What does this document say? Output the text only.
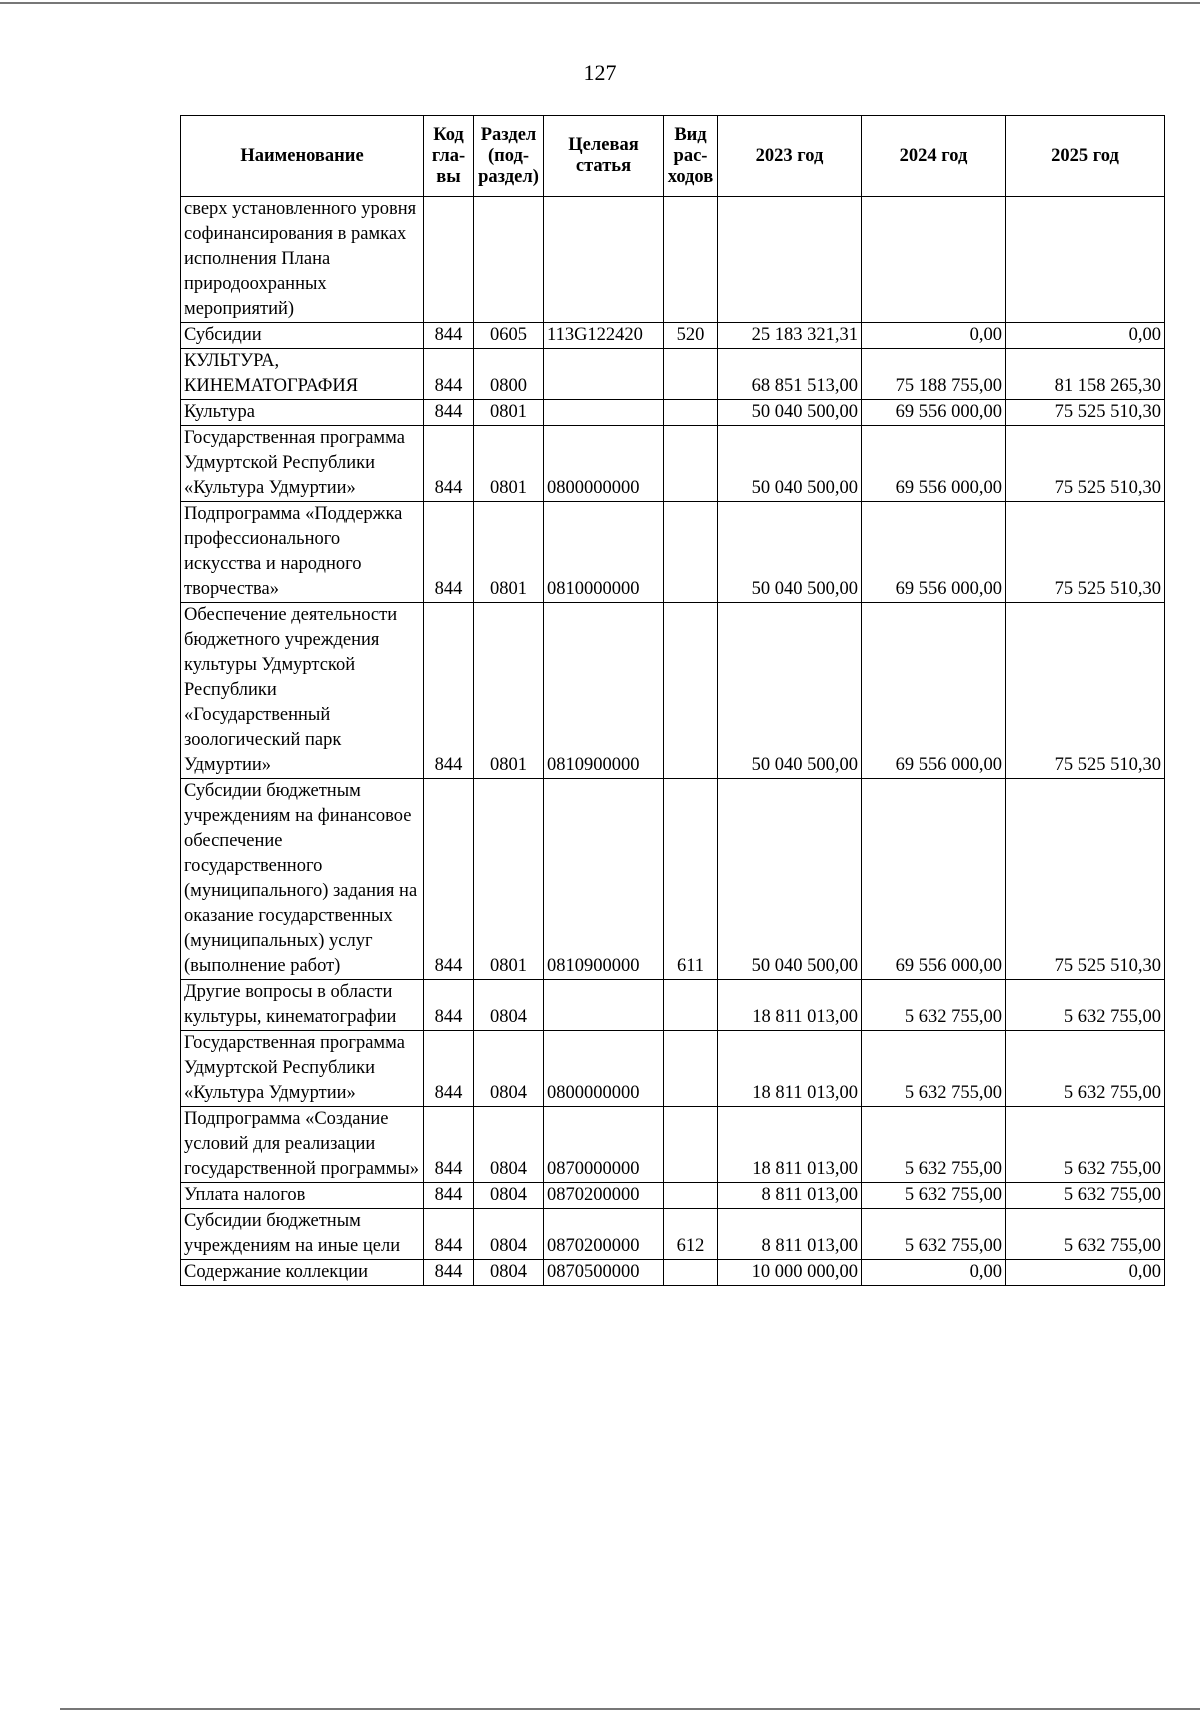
127
Наименование	Код гла- вы	Раздел (под- раздел)	Целевая статья	Вид рас- ходов	2023 год	2024 год	2025 год
сверх установленного уровня софинансирования в рамках исполнения Плана природоохранных мероприятий)							
Субсидии	844	0605	113G122420	520	25 183 321,31	0,00	0,00
КУЛЬТУРА, КИНЕМАТОГРАФИЯ	844	0800			68 851 513,00	75 188 755,00	81 158 265,30
Культура	844	0801			50 040 500,00	69 556 000,00	75 525 510,30
Государственная программа Удмуртской Республики «Культура Удмуртии»	844	0801	0800000000		50 040 500,00	69 556 000,00	75 525 510,30
Подпрограмма «Поддержка профессионального искусства и народного творчества»	844	0801	0810000000		50 040 500,00	69 556 000,00	75 525 510,30
Обеспечение деятельности бюджетного учреждения культуры Удмуртской Республики «Государственный зоологический парк Удмуртии»	844	0801	0810900000		50 040 500,00	69 556 000,00	75 525 510,30
Субсидии бюджетным учреждениям на финансовое обеспечение государственного (муниципального) задания на оказание государственных (муниципальных) услуг (выполнение работ)	844	0801	0810900000	611	50 040 500,00	69 556 000,00	75 525 510,30
Другие вопросы в области культуры, кинематографии	844	0804			18 811 013,00	5 632 755,00	5 632 755,00
Государственная программа Удмуртской Республики «Культура Удмуртии»	844	0804	0800000000		18 811 013,00	5 632 755,00	5 632 755,00
Подпрограмма «Создание условий для реализации государственной программы»	844	0804	0870000000		18 811 013,00	5 632 755,00	5 632 755,00
Уплата налогов	844	0804	0870200000		8 811 013,00	5 632 755,00	5 632 755,00
Субсидии бюджетным учреждениям на иные цели	844	0804	0870200000	612	8 811 013,00	5 632 755,00	5 632 755,00
Содержание коллекции	844	0804	0870500000		10 000 000,00	0,00	0,00
